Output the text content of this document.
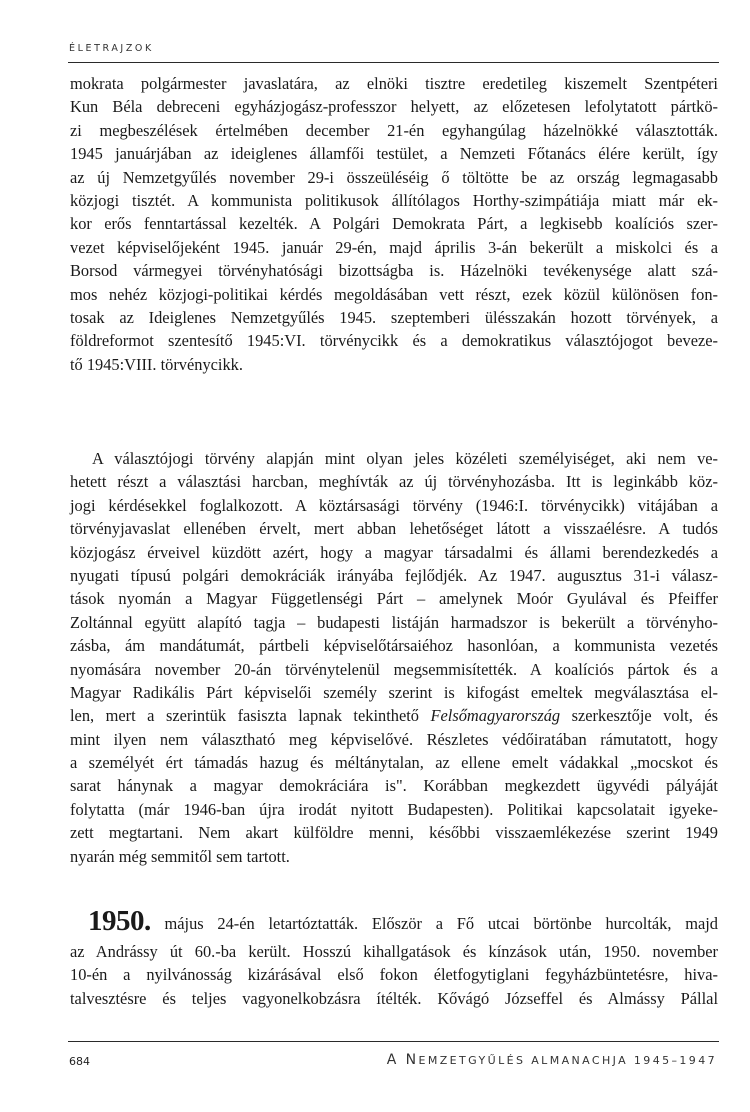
ÉLETRAJZOK
mokrata polgármester javaslatára, az elnöki tisztre eredetileg kiszemelt Szentpéteri
Kun Béla debreceni egyházjogász-professzor helyett, az előzetesen lefolytatott pártkö-
zi megbeszélések értelmében december 21-én egyhangúlag házelnökké választották.
1945 januárjában az ideiglenes államfői testület, a Nemzeti Főtanács élére került, így
az új Nemzetgyűlés november 29-i összeüléséig ő töltötte be az ország legmagasabb
közjogi tisztét. A kommunista politikusok állítólagos Horthy-szimpátiája miatt már ek-
kor erős fenntartással kezelték. A Polgári Demokrata Párt, a legkisebb koalíciós szer-
vezet képviselőjeként 1945. január 29-én, majd április 3-án bekerült a miskolci és a
Borsod vármegyei törvényhatósági bizottságba is. Házelnöki tevékenysége alatt szá-
mos nehéz közjogi-politikai kérdés megoldásában vett részt, ezek közül különösen fon-
tosak az Ideiglenes Nemzetgyűlés 1945. szeptemberi ülésszakán hozott törvények, a
földreformot szentesítő 1945:VI. törvénycikk és a demokratikus választójogot beveze-
tő 1945:VIII. törvénycikk.
A választójogi törvény alapján mint olyan jeles közéleti személyiséget, aki nem ve-
hetett részt a választási harcban, meghívták az új törvényhozásba. Itt is leginkább köz-
jogi kérdésekkel foglalkozott. A köztársasági törvény (1946:I. törvénycikk) vitájában a
törvényjavaslat ellenében érvelt, mert abban lehetőséget látott a visszaélésre. A tudós
közjogász érveivel küzdött azért, hogy a magyar társadalmi és állami berendezkedés a
nyugati típusú polgári demokráciák irányába fejlődjék. Az 1947. augusztus 31-i válasz-
tások nyomán a Magyar Függetlenségi Párt – amelynek Moór Gyulával és Pfeiffer
Zoltánnal együtt alapító tagja – budapesti listáján harmadszor is bekerült a törvényho-
zásba, ám mandátumát, pártbeli képviselőtársaiéhoz hasonlóan, a kommunista vezetés
nyomására november 20-án törvénytelenül megsemmisítették. A koalíciós pártok és a
Magyar Radikális Párt képviselői személy szerint is kifogást emeltek megválasztása el-
len, mert a szerintük fasiszta lapnak tekinthető Felsőmagyarország szerkesztője volt, és
mint ilyen nem választható meg képviselővé. Részletes védőiratában rámutatott, hogy
a személyét ért támadás hazug és méltánytalan, az ellene emelt vádakkal „mocskot és
sarat hánynak a magyar demokráciára is". Korábban megkezdett ügyvédi pályáját
folytatta (már 1946-ban újra irodát nyitott Budapesten). Politikai kapcsolatait igyeke-
zett megtartani. Nem akart külföldre menni, későbbi visszaemlékezése szerint 1949
nyarán még semmitől sem tartott.
1950. május 24-én letartóztatták. Először a Fő utcai börtönbe hurcolták, majd
az Andrássy út 60.-ba került. Hosszú kihallgatások és kínzások után, 1950. november
10-én a nyilvánosság kizárásával első fokon életfogytiglani fegyházbüntetésre, hiva-
talvesztésre és teljes vagyonelkobzásra ítélték. Kővágó Józseffel és Almássy Pállal
684	A NEMZETGYŰLÉS ALMANACHJA 1945–1947
